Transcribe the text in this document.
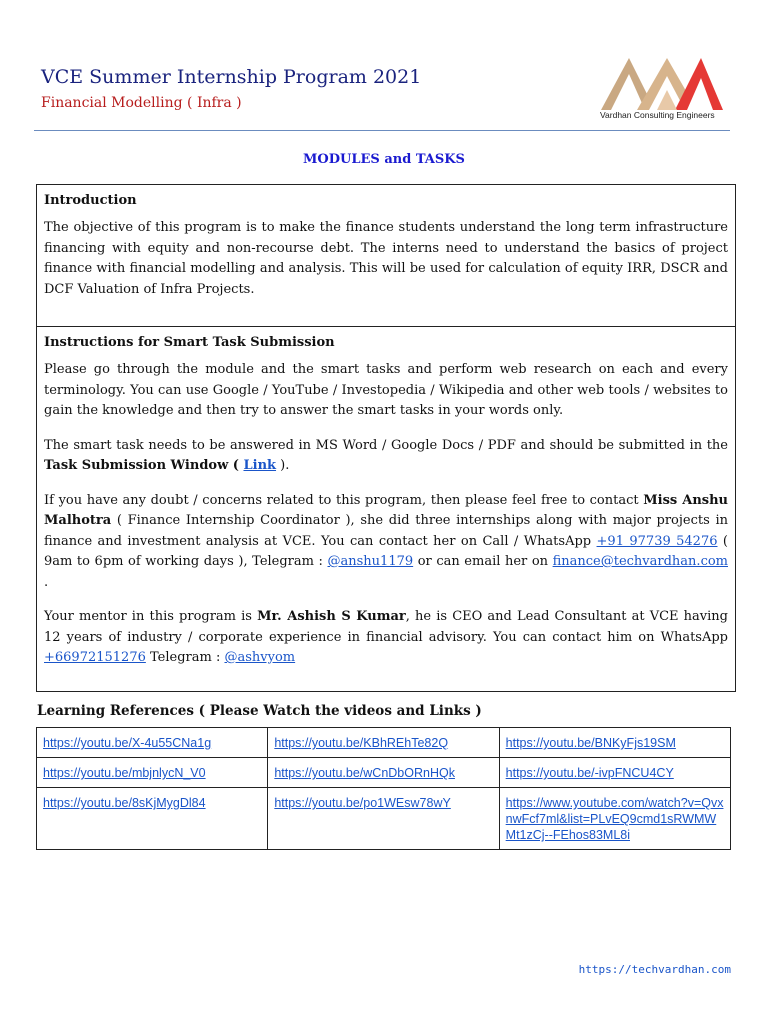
VCE Summer Internship Program 2021
Financial Modelling ( Infra )
Vardhan Consulting Engineers
MODULES and TASKS
Introduction
The objective of this program is to make the finance students understand the long term infrastructure financing with equity and non-recourse debt. The interns need to understand the basics of project finance with financial modelling and analysis. This will be used for calculation of equity IRR, DSCR and DCF Valuation of Infra Projects.
Instructions for Smart Task Submission
Please go through the module and the smart tasks and perform web research on each and every terminology. You can use Google / YouTube / Investopedia / Wikipedia and other web tools / websites to gain the knowledge and then try to answer the smart tasks in your words only.
The smart task needs to be answered in MS Word / Google Docs / PDF and should be submitted in the Task Submission Window ( Link ).
If you have any doubt / concerns related to this program, then please feel free to contact Miss Anshu Malhotra ( Finance Internship Coordinator ), she did three internships along with major projects in finance and investment analysis at VCE. You can contact her on Call / WhatsApp +91 97739 54276 ( 9am to 6pm of working days ), Telegram : @anshu1179 or can email her on finance@techvardhan.com .
Your mentor in this program is Mr. Ashish S Kumar, he is CEO and Lead Consultant at VCE having 12 years of industry / corporate experience in financial advisory. You can contact him on WhatsApp +66972151276 Telegram : @ashvyom
Learning References ( Please Watch the videos and Links )
https://youtu.be/X-4u55CNa1g	https://youtu.be/KBhREhTe82Q	https://youtu.be/BNKyFjs19SM
https://youtu.be/mbjnlycN_V0	https://youtu.be/wCnDbORnHQk	https://youtu.be/-ivpFNCU4CY
https://youtu.be/8sKjMygDl84	https://youtu.be/po1WEsw78wY	https://www.youtube.com/watch?v=QvxnwFcf7ml&list=PLvEQ9cmd1sRWMWMt1zCj--FEhos83ML8i
https://techvardhan.com
